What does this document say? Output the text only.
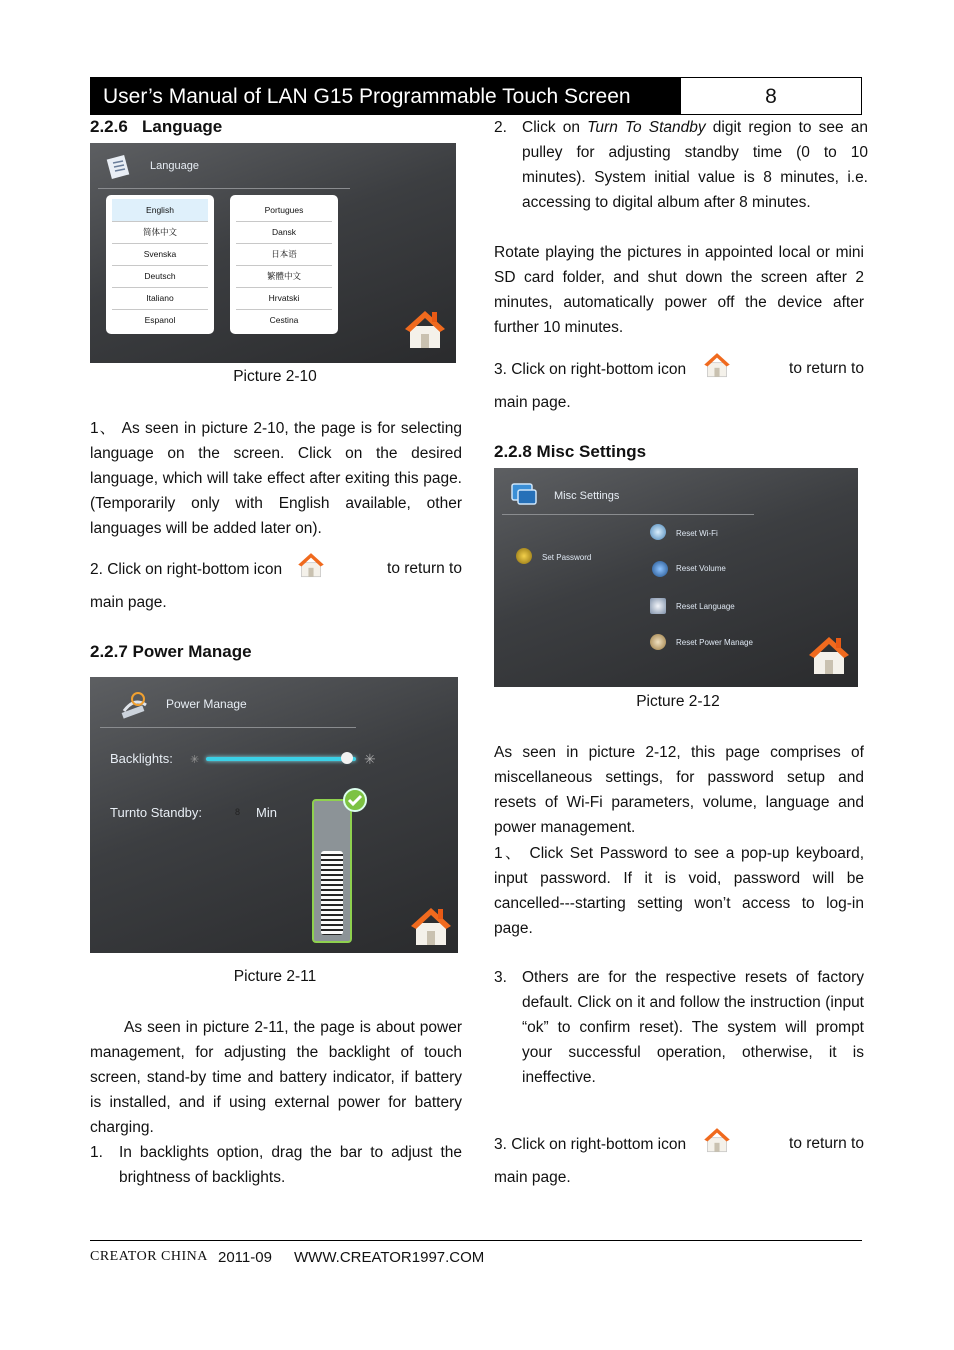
User’s Manual of LAN G15 Programmable Touch Screen	8
2.2.6   Language
Language
English
简体中文
Svenska
Deutsch
Italiano
Espanol
Portugues
Dansk
日本语
繁體中文
Hrvatski
Cestina
Picture 2-10
1、 As seen in picture 2-10, the page is for selecting language on the screen. Click on the desired language, which will take effect after exiting this page. (Temporarily only with English available, other languages will be added later on).
2. Click on right-bottom icon	to return to
main page.
2.2.7 Power Manage
Power Manage
Backlights: ✳	✳
Turnto Standby:	8 Min
Picture 2-11
As seen in picture 2-11, the page is about power management, for adjusting the backlight of touch screen, stand-by time and battery indicator, if battery is installed, and if using external power for battery charging.
1.	In backlights option, drag the bar to adjust the brightness of backlights.
2. Click on Turn To Standby digit region to see an pulley for adjusting standby time (0 to 10 minutes). System initial value is 8 minutes, i.e. accessing to digital album after 8 minutes.
Rotate playing the pictures in appointed local or mini SD card folder, and shut down the screen after 2 minutes, automatically power off the device after further 10 minutes.
3. Click on right-bottom icon	to return to
main page.
2.2.8 Misc Settings
Misc Settings
Set Password
Reset Wi-Fi
Reset Volume
Reset Language
Reset Power Manage
Picture 2-12
As seen in picture 2-12, this page comprises of miscellaneous settings, for password setup and resets of Wi-Fi parameters, volume, language and power management.
1、 Click Set Password to see a pop-up keyboard, input password. If it is void, password will be cancelled---starting setting won’t access to log-in page.
3. Others are for the respective resets of factory default. Click on it and follow the instruction (input “ok” to confirm reset). The system will prompt your successful operation, otherwise, it is ineffective.
3. Click on right-bottom icon	to return to
main page.
CREATOR CHINA 2011-09 WWW.CREATOR1997.COM
